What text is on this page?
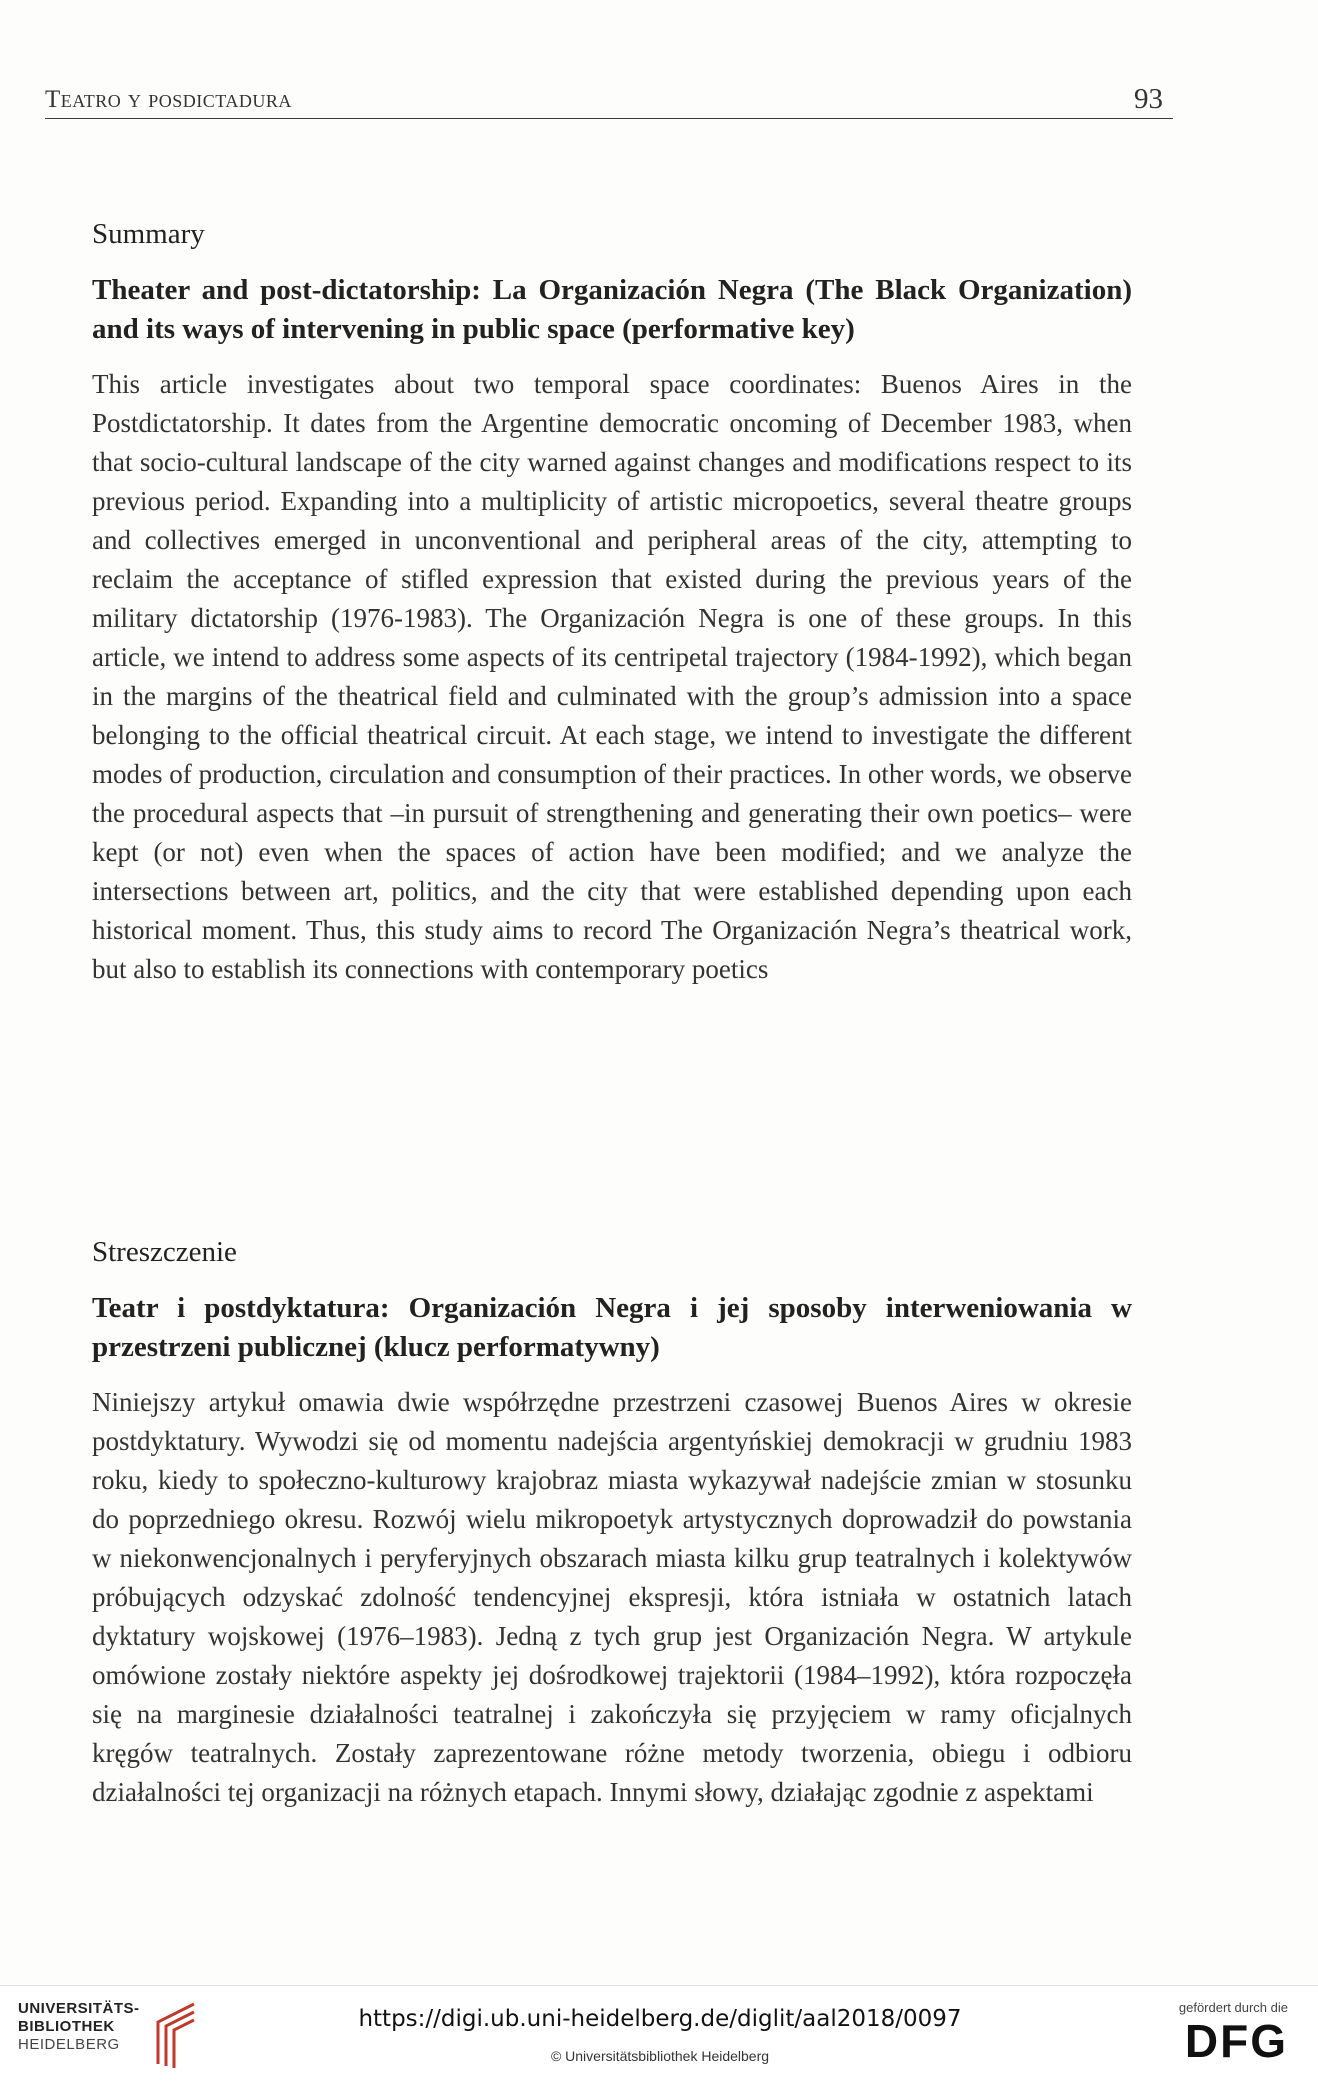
Teatro y posdictadura	93
Summary
Theater and post-dictatorship: La Organización Negra (The Black Organization) and its ways of intervening in public space (performative key)

This article investigates about two temporal space coordinates: Buenos Aires in the Postdictatorship. It dates from the Argentine democratic oncoming of December 1983, when that socio-cultural landscape of the city warned against changes and modifications respect to its previous period. Expanding into a multiplicity of artistic micropoetics, several theatre groups and collectives emerged in unconventional and peripheral areas of the city, attempting to reclaim the acceptance of stifled expression that existed during the previous years of the military dictatorship (1976-1983). The Organización Negra is one of these groups. In this article, we intend to address some aspects of its centripetal trajectory (1984-1992), which began in the margins of the theatrical field and culminated with the group’s admission into a space belonging to the official theatrical circuit. At each stage, we intend to investigate the different modes of production, circulation and consumption of their practices. In other words, we observe the procedural aspects that –in pursuit of strengthening and generating their own poetics– were kept (or not) even when the spaces of action have been modified; and we analyze the intersections between art, politics, and the city that were established depending upon each historical moment. Thus, this study aims to record The Organización Negra’s theatrical work, but also to establish its connections with contemporary poetics

Streszczenie
Teatr i postdyktatura: Organización Negra i jej sposoby interweniowania w przestrzeni publicznej (klucz performatywny)

Niniejszy artykuł omawia dwie współrzędne przestrzeni czasowej Buenos Aires w okresie postdyktatury. Wywodzi się od momentu nadejścia argentyńskiej demokracji w grudniu 1983 roku, kiedy to społeczno-kulturowy krajobraz miasta wykazywał nadejście zmian w stosunku do poprzedniego okresu. Rozwój wielu mikropoetyk artystycznych doprowadził do powstania w niekonwencjonalnych i peryferyjnych obszarach miasta kilku grup teatralnych i kolektywów próbujących odzyskać zdolność tendencyjnej ekspresji, która istniała w ostatnich latach dyktatury wojskowej (1976–1983). Jedną z tych grup jest Organización Negra. W artykule omówione zostały niektóre aspekty jej dośrodkowej trajektorii (1984–1992), która rozpoczęła się na marginesie działalności teatralnej i zakończyła się przyjęciem w ramy oficjalnych kręgów teatralnych. Zostały zaprezentowane różne metody tworzenia, obiegu i odbioru działalności tej organizacji na różnych etapach. Innymi słowy, działając zgodnie z aspektami

UNIVERSITÄTS-
BIBLIOTHEK
HEIDELBERG
https://digi.ub.uni-heidelberg.de/diglit/aal2018/0097
© Universitätsbibliothek Heidelberg
gefördert durch die
DFG
